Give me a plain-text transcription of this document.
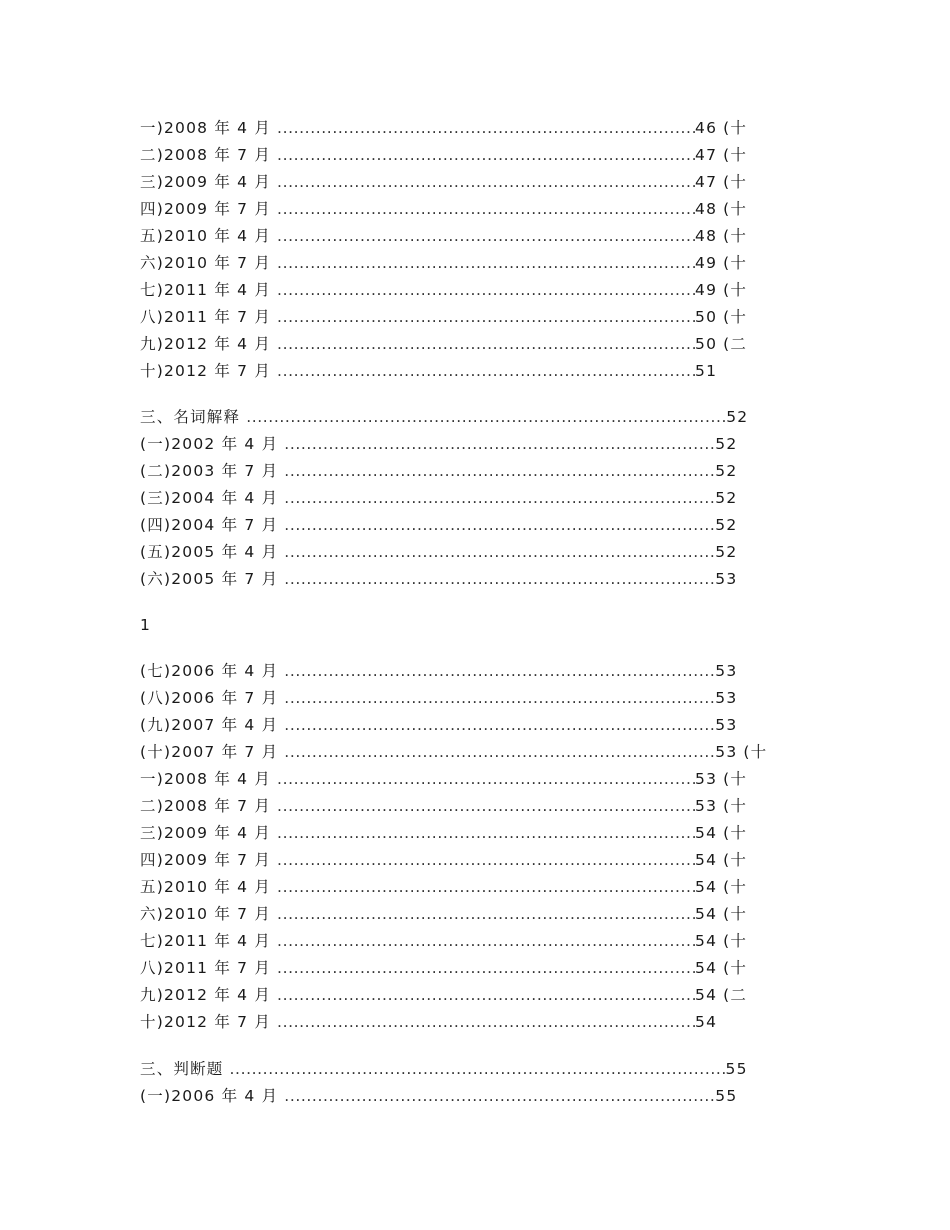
一)2008 年 4 月 .....	46 (十
二)2008 年 7 月 .....	47 (十
三)2009 年 4 月 .....	47 (十
四)2009 年 7 月 .....	48 (十
五)2010 年 4 月 .....	48 (十
六)2010 年 7 月 .....	49 (十
七)2011 年 4 月 .....	49 (十
八)2011 年 7 月 .....	50 (十
九)2012 年 4 月 .....	50 (二
十)2012 年 7 月 .....	51
三、名词解释 .....	52
(一)2002 年 4 月 .....	52
(二)2003 年 7 月 .....	52
(三)2004 年 4 月 .....	52
(四)2004 年 7 月 .....	52
(五)2005 年 4 月 .....	52
(六)2005 年 7 月 .....	53
1
(七)2006 年 4 月 .....	53
(八)2006 年 7 月 .....	53
(九)2007 年 4 月 .....	53
(十)2007 年 7 月 .....	53 (十
一)2008 年 4 月 .....	53 (十
二)2008 年 7 月 .....	53 (十
三)2009 年 4 月 .....	54 (十
四)2009 年 7 月 .....	54 (十
五)2010 年 4 月 .....	54 (十
六)2010 年 7 月 .....	54 (十
七)2011 年 4 月 .....	54 (十
八)2011 年 7 月 .....	54 (十
九)2012 年 4 月 .....	54 (二
十)2012 年 7 月 .....	54
三、判断题 .....	55
(一)2006 年 4 月 .....	55
